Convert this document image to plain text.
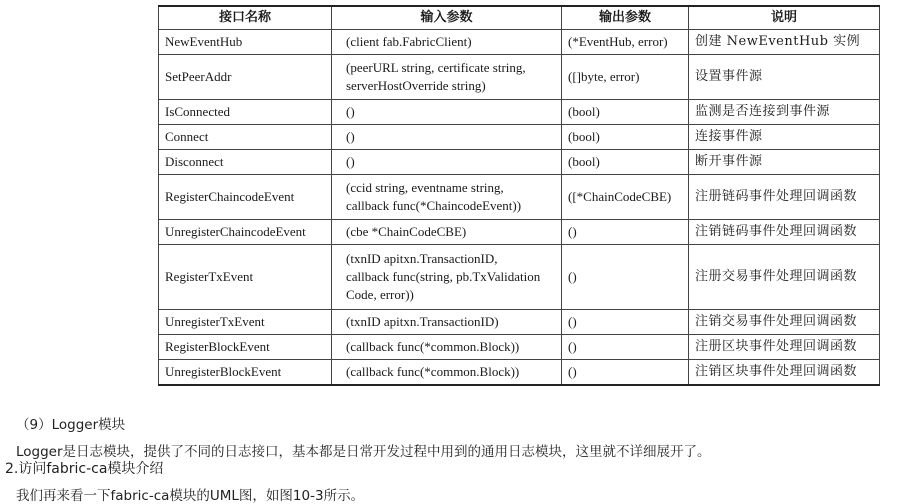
接口名称	输入参数	输出参数	说明
NewEventHub	(client fab.FabricClient)	(*EventHub, error)	创建 NewEventHub 实例
SetPeerAddr	(peerURL string, certificate string,
serverHostOverride string)	([]byte, error)	设置事件源
IsConnected	()	(bool)	监测是否连接到事件源
Connect	()	(bool)	连接事件源
Disconnect	()	(bool)	断开事件源
RegisterChaincodeEvent	(ccid string, eventname string,
callback func(*ChaincodeEvent))	([*ChainCodeCBE)	注册链码事件处理回调函数
UnregisterChaincodeEvent	(cbe *ChainCodeCBE)	()	注销链码事件处理回调函数
RegisterTxEvent	(txnID apitxn.TransactionID,
callback func(string, pb.TxValidation
Code, error))	()	注册交易事件处理回调函数
UnregisterTxEvent	(txnID apitxn.TransactionID)	()	注销交易事件处理回调函数
RegisterBlockEvent	(callback func(*common.Block))	()	注册区块事件处理回调函数
UnregisterBlockEvent	(callback func(*common.Block))	()	注销区块事件处理回调函数
（9）Logger模块
Logger是日志模块，提供了不同的日志接口，基本都是日常开发过程中用到的通用日志模块，这里就不详细展开了。
2.访问fabric-ca模块介绍
我们再来看一下fabric-ca模块的UML图，如图10-3所示。
